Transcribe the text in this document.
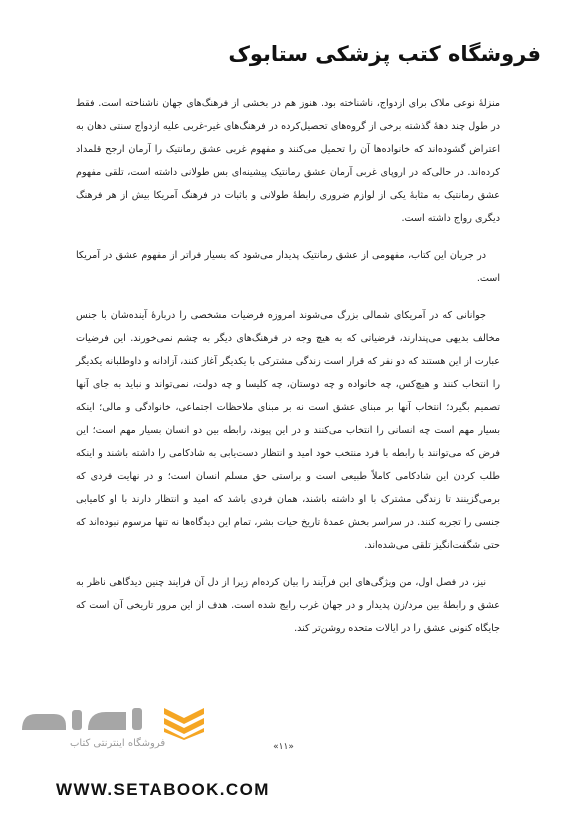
فروشگاه کتب پزشکی ستابوک

منزلهٔ نوعی ملاک برای ازدواج، ناشناخته بود. هنوز هم در بخشی از فرهنگ‌های جهان ناشناخته است. فقط در طول چند دههٔ گذشته برخی از گروه‌های تحصیل‌کرده در فرهنگ‌های غیر-غربی علیه ازدواج سنتی دهان به اعتراض گشوده‌اند که خانواده‌ها آن را تحمیل می‌کنند و مفهوم غربی عشق رمانتیک را آرمان ارجح قلمداد کرده‌اند. در حالی‌که در اروپای غربی آرمان عشق رمانتیک پیشینه‌ای بس طولانی داشته است، تلقی مفهوم عشق رمانتیک به مثابهٔ یکی از لوازم ضروری رابطهٔ طولانی و باثبات در فرهنگ آمریکا بیش از هر فرهنگ دیگری رواج داشته است.

در جریان این کتاب، مفهومی از عشق رمانتیک پدیدار می‌شود که بسیار فراتر از مفهوم عشق در آمریکا است.

جوانانی که در آمریکای شمالی بزرگ می‌شوند امروزه فرضیات مشخصی را دربارهٔ آینده‌شان با جنس مخالف بدیهی می‌پندارند، فرضیاتی که به هیچ وجه در فرهنگ‌های دیگر به چشم نمی‌خورند. این فرضیات عبارت از این هستند که دو نفر که قرار است زندگی مشترکی با یکدیگر آغاز کنند، آزادانه و داوطلبانه یکدیگر را انتخاب کنند و هیچ‌کس، چه خانواده و چه دوستان، چه کلیسا و چه دولت، نمی‌تواند و نباید به جای آنها تصمیم بگیرد؛ انتخاب آنها بر مبنای عشق است نه بر مبنای ملاحظات اجتماعی، خانوادگی و مالی؛ اینکه بسیار مهم است چه انسانی را انتخاب می‌کنند و در این پیوند، رابطه بین دو انسان بسیار مهم است؛ این فرض که می‌توانند با رابطه با فرد منتخب خود امید و انتظار دست‌یابی به شادکامی را داشته باشند و اینکه طلب کردن این شادکامی کاملاً طبیعی است و براستی حق مسلم انسان است؛ و در نهایت فردی که برمی‌گزینند تا زندگی مشترک با او داشته باشند، همان فردی باشد که امید و انتظار دارند با او کامیابی جنسی را تجربه کنند. در سراسر بخش عمدهٔ تاریخ حیات بشر، تمام این دیدگاه‌ها نه تنها مرسوم نبوده‌اند که حتی شگفت‌انگیز تلقی می‌شده‌اند.

نیز، در فصل اول، من ویژگی‌های این فرآیند را بیان کرده‌ام زیرا از دل آن فرایند چنین دیدگاهی ناظر به عشق و رابطهٔ بین مرد/زن پدیدار و در جهان غرب رایج شده است. هدف از این مرور تاریخی آن است که جایگاه کنونی عشق را در ایالات متحده روشن‌تر کند.

فروشگاه اینترنتی کتاب	«۱۱»
WWW.SETABOOK.COM
